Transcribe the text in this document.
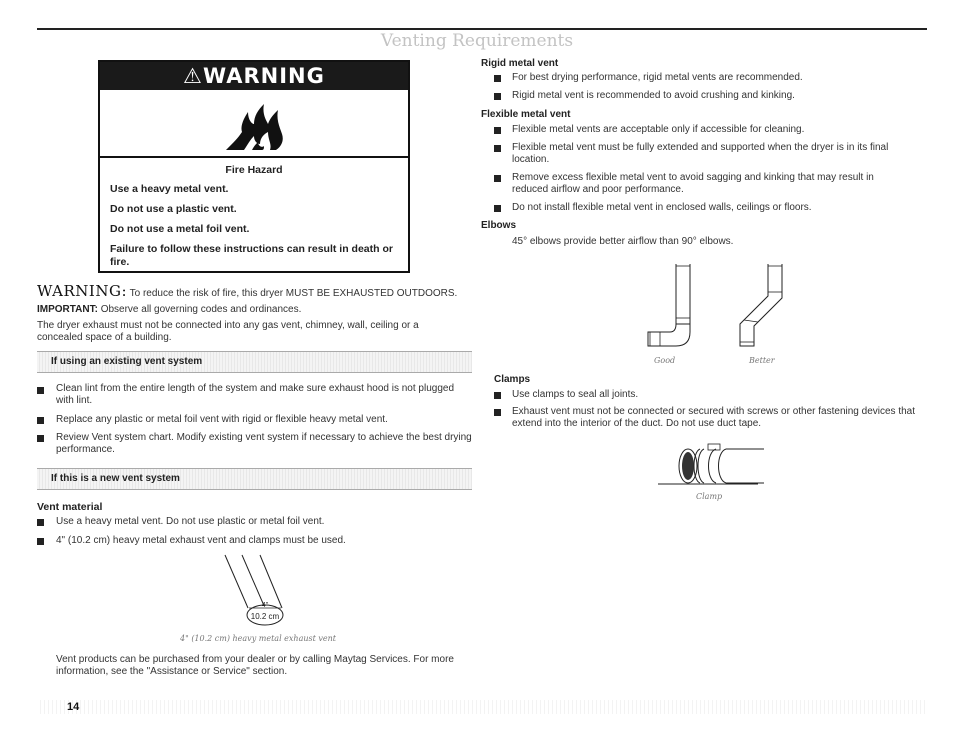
Venting Requirements
⚠WARNING
Fire Hazard
Use a heavy metal vent.
Do not use a plastic vent.
Do not use a metal foil vent.
Failure to follow these instructions can result in death or fire.
WARNING: To reduce the risk of fire, this dryer MUST BE EXHAUSTED OUTDOORS.
IMPORTANT: Observe all governing codes and ordinances.
The dryer exhaust must not be connected into any gas vent, chimney, wall, ceiling or a concealed space of a building.
If using an existing vent system
Clean lint from the entire length of the system and make sure exhaust hood is not plugged with lint.
Replace any plastic or metal foil vent with rigid or flexible heavy metal vent.
Review Vent system chart. Modify existing vent system if necessary to achieve the best drying performance.
If this is a new vent system
Vent material
Use a heavy metal vent. Do not use plastic or metal foil vent.
4" (10.2 cm) heavy metal exhaust vent and clamps must be used.
4"
10.2 cm
4" (10.2 cm) heavy metal exhaust vent
Vent products can be purchased from your dealer or by calling Maytag Services. For more information, see the "Assistance or Service" section.
Rigid metal vent
For best drying performance, rigid metal vents are recommended.
Rigid metal vent is recommended to avoid crushing and kinking.
Flexible metal vent
Flexible metal vents are acceptable only if accessible for cleaning.
Flexible metal vent must be fully extended and supported when the dryer is in its final location.
Remove excess flexible metal vent to avoid sagging and kinking that may result in reduced airflow and poor performance.
Do not install flexible metal vent in enclosed walls, ceilings or floors.
Elbows
45° elbows provide better airflow than 90° elbows.
Good	Better
Clamps
Use clamps to seal all joints.
Exhaust vent must not be connected or secured with screws or other fastening devices that extend into the interior of the duct. Do not use duct tape.
Clamp
14
